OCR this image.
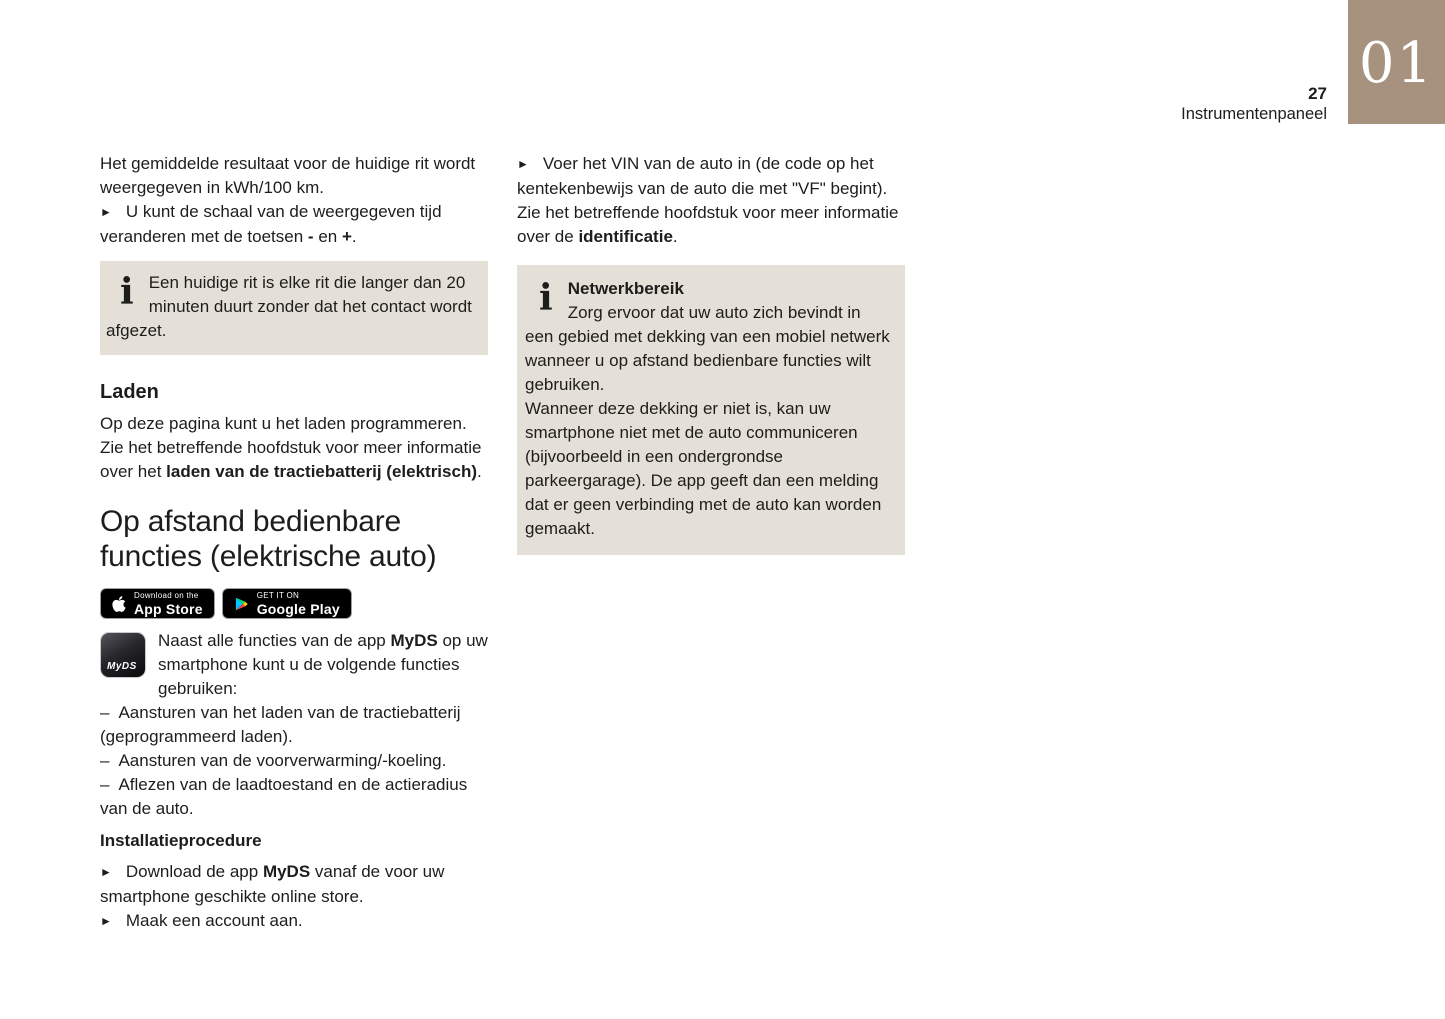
01
27
Instrumentenpaneel

Het gemiddelde resultaat voor de huidige rit wordt weergegeven in kWh/100 km.

► U kunt de schaal van de weergegeven tijd veranderen met de toetsen - en +.

i Een huidige rit is elke rit die langer dan 20 minuten duurt zonder dat het contact wordt afgezet.

Laden

Op deze pagina kunt u het laden programmeren. Zie het betreffende hoofdstuk voor meer informatie over het laden van de tractiebatterij (elektrisch).

Op afstand bedienbare functies (elektrische auto)
Download on the
App Store
GET IT ON
Google Play
MyDS

Naast alle functies van de app MyDS op uw smartphone kunt u de volgende functies gebruiken:

– Aansturen van het laden van de tractiebatterij (geprogrammeerd laden).

– Aansturen van de voorverwarming/-koeling.

– Aflezen van de laadtoestand en de actieradius van de auto.

Installatieprocedure

► Download de app MyDS vanaf de voor uw smartphone geschikte online store.

► Maak een account aan.

► Voer het VIN van de auto in (de code op het kentekenbewijs van de auto die met "VF" begint). Zie het betreffende hoofdstuk voor meer informatie over de identificatie.

i Netwerkbereik

Zorg ervoor dat uw auto zich bevindt in een gebied met dekking van een mobiel netwerk wanneer u op afstand bedienbare functies wilt gebruiken.

Wanneer deze dekking er niet is, kan uw smartphone niet met de auto communiceren (bijvoorbeeld in een ondergrondse parkeergarage). De app geeft dan een melding dat er geen verbinding met de auto kan worden gemaakt.
